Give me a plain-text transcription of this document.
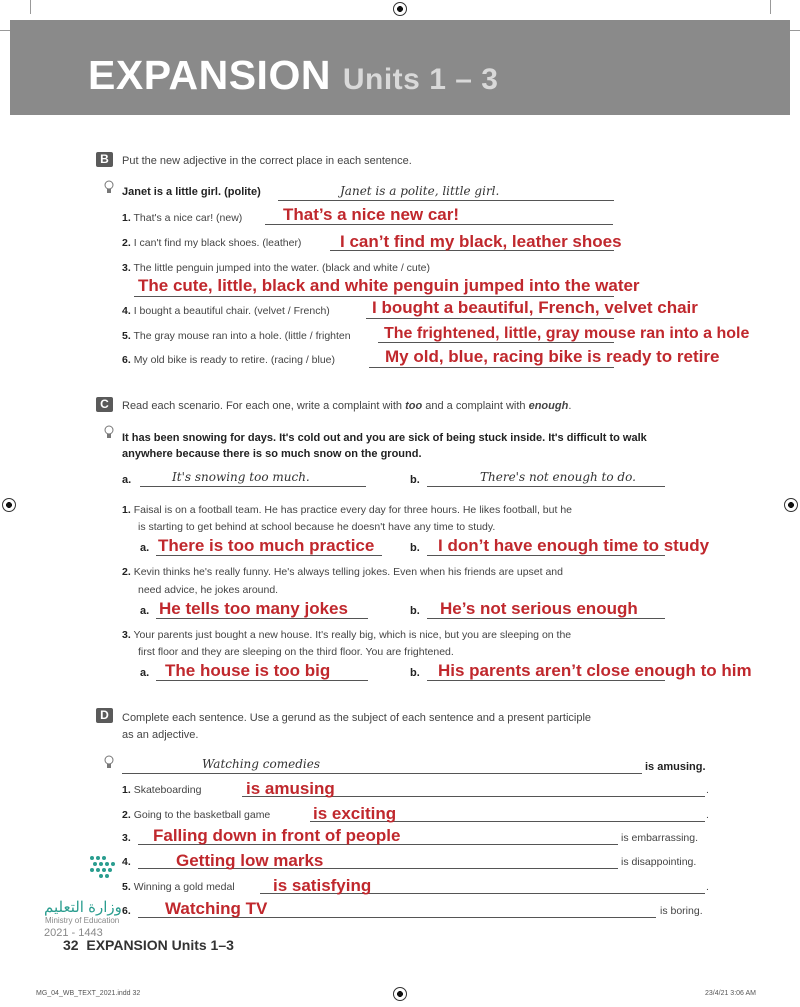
EXPANSION Units 1 – 3
B	Put the new adjective in the correct place in each sentence.
Janet is a little girl. (polite)	Janet is a polite, little girl.
1. That's a nice car! (new) That’s a nice new car!
2. I can't find my black shoes. (leather) I can’t find my black, leather shoes
3. The little penguin jumped into the water. (black and white / cute)
The cute, little, black and white penguin jumped into the water
4. I bought a beautiful chair. (velvet / French) I bought a beautiful, French, velvet chair
5. The gray mouse ran into a hole. (little / frighten The frightened, little, gray mouse ran into a hole
6. My old bike is ready to retire. (racing / blue)	My old, blue, racing bike is ready to retire
C	Read each scenario. For each one, write a complaint with too and a complaint with enough.
It has been snowing for days. It's cold out and you are sick of being stuck inside. It's difficult to walk
anywhere because there is so much snow on the ground.
a.	It's snowing too much.	b.	There's not enough to do.
1. Faisal is on a football team. He has practice every day for three hours. He likes football, but he
is starting to get behind at school because he doesn't have any time to study.
a. There is too much practice	b. I don’t have enough time to study
2. Kevin thinks he's really funny. He's always telling jokes. Even when his friends are upset and
need advice, he jokes around.
a. He tells too many jokes	b. He’s not serious enough
3. Your parents just bought a new house. It's really big, which is nice, but you are sleeping on the
first floor and they are sleeping on the third floor. You are frightened.
a. The house is too big	b. His parents aren’t close enough to him
D	Complete each sentence. Use a gerund as the subject of each sentence and a present participle
as an adjective.
Watching comedies	is amusing.
1. Skateboarding	is amusing	.
2. Going to the basketball game	is exciting	.
3. Falling down in front of people	is embarrassing.
4.	Getting low marks	is disappointing.
5. Winning a gold medal is satisfying	.
6. Watching TV	is boring.
وزارة التعليم
Ministry of Education
2021 - 1443
32 EXPANSION Units 1–3
MG_04_WB_TEXT_2021.indd 32	23/4/21 3:06 AM
